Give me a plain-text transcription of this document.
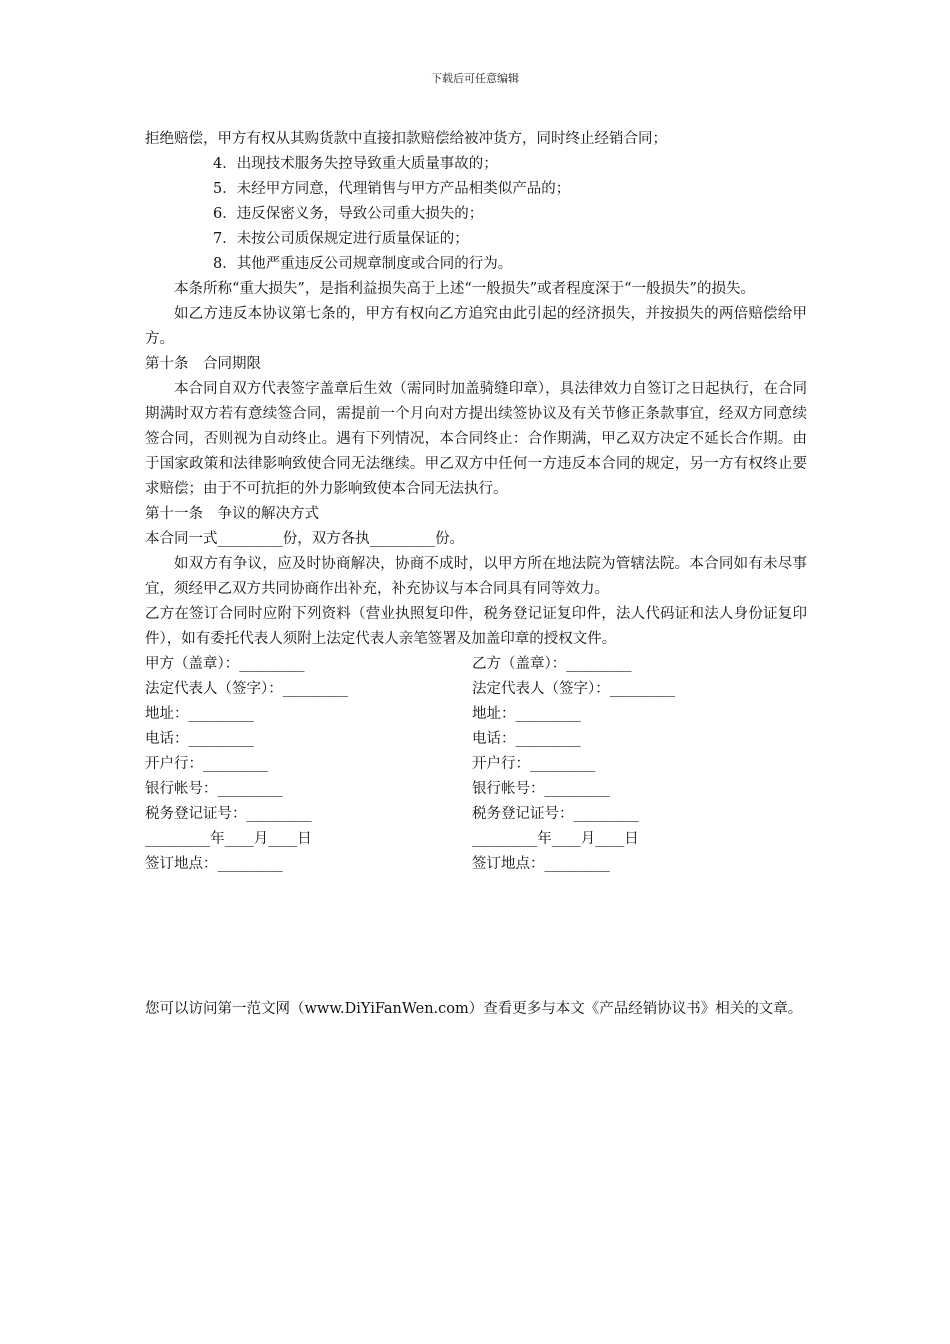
下载后可任意编辑

拒绝赔偿，甲方有权从其购货款中直接扣款赔偿给被冲货方，同时终止经销合同；

4．出现技术服务失控导致重大质量事故的；

5．未经甲方同意，代理销售与甲方产品相类似产品的；

6．违反保密义务，导致公司重大损失的；

7．未按公司质保规定进行质量保证的；

8．其他严重违反公司规章制度或合同的行为。

本条所称“重大损失”，是指利益损失高于上述“一般损失”或者程度深于“一般损失”的损失。

如乙方违反本协议第七条的，甲方有权向乙方追究由此引起的经济损失，并按损失的两倍赔偿给甲方。

第十条　合同期限

本合同自双方代表签字盖章后生效（需同时加盖骑缝印章），具法律效力自签订之日起执行，在合同期满时双方若有意续签合同，需提前一个月向对方提出续签协议及有关节修正条款事宜，经双方同意续签合同，否则视为自动终止。遇有下列情况，本合同终止：合作期满，甲乙双方决定不延长合作期。由于国家政策和法律影响致使合同无法继续。甲乙双方中任何一方违反本合同的规定，另一方有权终止要求赔偿；由于不可抗拒的外力影响致使本合同无法执行。

第十一条　争议的解决方式

本合同一式_________份，双方各执_________份。

如双方有争议，应及时协商解决，协商不成时，以甲方所在地法院为管辖法院。本合同如有未尽事宜，须经甲乙双方共同协商作出补充，补充协议与本合同具有同等效力。

乙方在签订合同时应附下列资料（营业执照复印件，税务登记证复印件，法人代码证和法人身份证复印件），如有委托代表人须附上法定代表人亲笔签署及加盖印章的授权文件。

甲方（盖章）：_________	乙方（盖章）：_________
法定代表人（签字）：_________	法定代表人（签字）：_________
地址：_________	地址：_________
电话：_________	电话：_________
开户行：_________	开户行：_________
银行帐号：_________	银行帐号：_________
税务登记证号：_________	税务登记证号：_________
_________年____月____日	_________年____月____日
签订地点：_________	签订地点：_________
您可以访问第一范文网（www.DiYiFanWen.com）查看更多与本文《产品经销协议书》相关的文章。
